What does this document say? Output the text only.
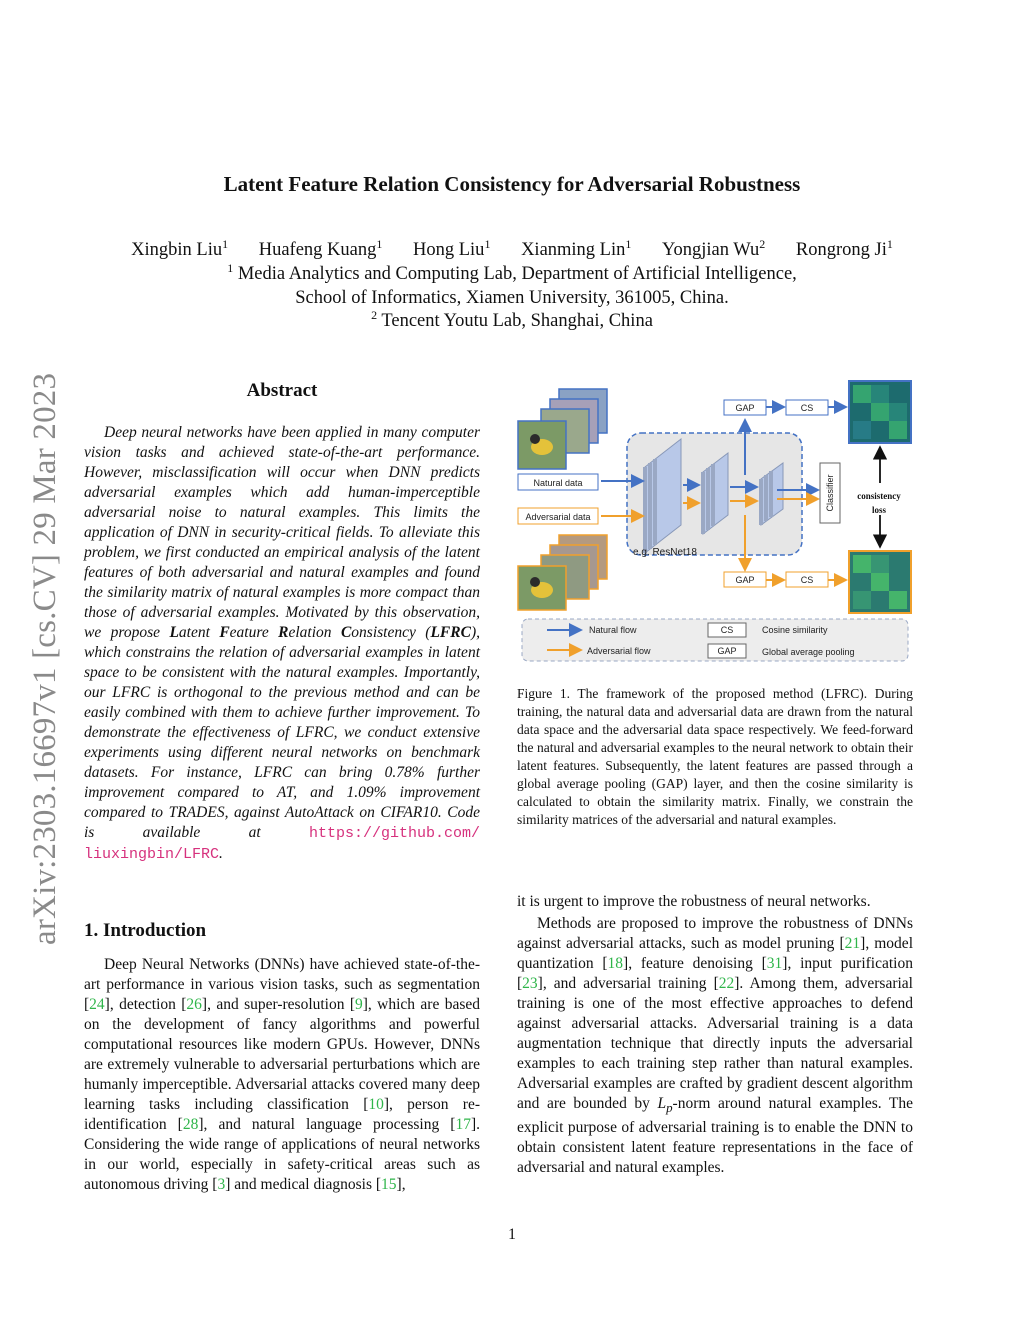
arXiv:2303.16697v1 [cs.CV] 29 Mar 2023
Latent Feature Relation Consistency for Adversarial Robustness
Xingbin Liu$^1$ Huafeng Kuang$^1$ Hong Liu$^1$ Xianming Lin$^1$ Yongjian Wu$^2$ Rongrong Ji$^1$
$^1$ Media Analytics and Computing Lab, Department of Artificial Intelligence,
School of Informatics, Xiamen University, 361005, China.
$^2$ Tencent Youtu Lab, Shanghai, China
Abstract

Deep neural networks have been applied in many computer vision tasks and achieved state-of-the-art performance. However, misclassification will occur when DNN predicts adversarial examples which add human-imperceptible adversarial noise to natural examples. This limits the application of DNN in security-critical fields. To alleviate this problem, we first conducted an empirical analysis of the latent features of both adversarial and natural examples and found the similarity matrix of natural examples is more compact than those of adversarial examples. Motivated by this observation, we propose Latent Feature Relation Consistency (LFRC), which constrains the relation of adversarial examples in latent space to be consistent with the natural examples. Importantly, our LFRC is orthogonal to the previous method and can be easily combined with them to achieve further improvement. To demonstrate the effectiveness of LFRC, we conduct extensive experiments using different neural networks on benchmark datasets. For instance, LFRC can bring 0.78% further improvement compared to AT, and 1.09% improvement compared to TRADES, against AutoAttack on CIFAR10. Code is available at https://github.com/ liuxingbin/LFRC.

1. Introduction

Deep Neural Networks (DNNs) have achieved state-of-the-art performance in various vision tasks, such as segmentation [24], detection [26], and super-resolution [9], which are based on the development of fancy algorithms and powerful computational resources like modern GPUs. However, DNNs are extremely vulnerable to adversarial perturbations which are humanly imperceptible. Adversarial attacks covered many deep learning tasks including classification [10], person re-identification [28], and natural language processing [17]. Considering the wide range of applications of neural networks in our world, especially in safety-critical areas such as autonomous driving [3] and medical diagnosis [15],

Natural data
Adversarial data
e.g. ResNet18
GAP	CS
GAP	CS
Classifier consistency
loss
Natural flow
Adversarial flow
CS	Cosine similarity
GAP	Global average pooling

Figure 1. The framework of the proposed method (LFRC). During training, the natural data and adversarial data are drawn from the natural data space and the adversarial data space respectively. We feed-forward the natural and adversarial examples to the neural network to obtain their latent features. Subsequently, the latent features are passed through a global average pooling (GAP) layer, and then the cosine similarity is calculated to obtain the similarity matrix. Finally, we constrain the similarity matrices of the adversarial and natural examples.

it is urgent to improve the robustness of neural networks.

Methods are proposed to improve the robustness of DNNs against adversarial attacks, such as model pruning [21], model quantization [18], feature denoising [31], input purification [23], and adversarial training [22]. Among them, adversarial training is one of the most effective approaches to defend against adversarial attacks. Adversarial training is a data augmentation technique that directly inputs the adversarial examples to each training step rather than natural examples. Adversarial examples are crafted by gradient descent algorithm and are bounded by $L_p$-norm around natural examples. The explicit purpose of adversarial training is to enable the DNN to obtain consistent latent feature representations in the face of adversarial and natural examples.

1
